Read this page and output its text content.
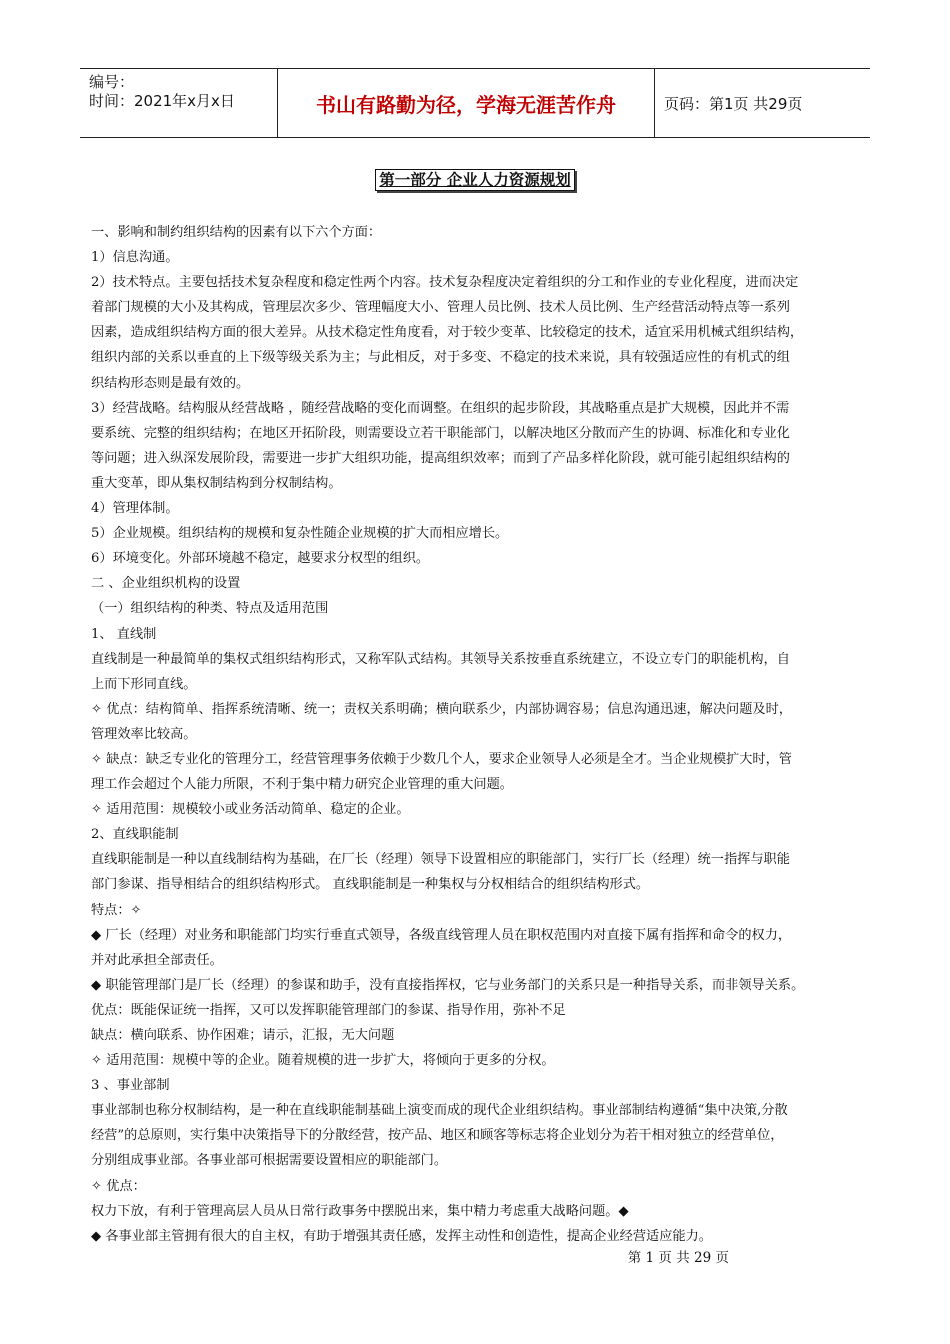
编号：
时间：2021年x月x日	书山有路勤为径，学海无涯苦作舟	页码：第1页 共29页
第一部分 企业人力资源规划

一、影响和制约组织结构的因素有以下六个方面：

1）信息沟通。

2）技术特点。主要包括技术复杂程度和稳定性两个内容。技术复杂程度决定着组织的分工和作业的专业化程度，进而决定

着部门规模的大小及其构成，管理层次多少、管理幅度大小、管理人员比例、技术人员比例、生产经营活动特点等一系列

因素，造成组织结构方面的很大差异。从技术稳定性角度看，对于较少变革、比较稳定的技术，适宜采用机械式组织结构，

组织内部的关系以垂直的上下级等级关系为主；与此相反，对于多变、不稳定的技术来说，具有较强适应性的有机式的组

织结构形态则是最有效的。

3）经营战略。结构服从经营战略 ，随经营战略的变化而调整。在组织的起步阶段，其战略重点是扩大规模，因此并不需

要系统、完整的组织结构；在地区开拓阶段，则需要设立若干职能部门，以解决地区分散而产生的协调、标准化和专业化

等问题；进入纵深发展阶段，需要进一步扩大组织功能，提高组织效率；而到了产品多样化阶段，就可能引起组织结构的

重大变革，即从集权制结构到分权制结构。

4）管理体制。

5）企业规模。组织结构的规模和复杂性随企业规模的扩大而相应增长。

6）环境变化。外部环境越不稳定，越要求分权型的组织。

二 、企业组织机构的设置

（一）组织结构的种类、特点及适用范围

1、 直线制

直线制是一种最简单的集权式组织结构形式，又称军队式结构。其领导关系按垂直系统建立，不设立专门的职能机构，自

上而下形同直线。

✧ 优点：结构简单、指挥系统清晰、统一；责权关系明确；横向联系少，内部协调容易；信息沟通迅速，解决问题及时，

管理效率比较高。

✧ 缺点：缺乏专业化的管理分工，经营管理事务依赖于少数几个人，要求企业领导人必须是全才。当企业规模扩大时，管

理工作会超过个人能力所限，不利于集中精力研究企业管理的重大问题。

✧ 适用范围：规模较小或业务活动简单、稳定的企业。

2、直线职能制

直线职能制是一种以直线制结构为基础，在厂长（经理）领导下设置相应的职能部门，实行厂长（经理）统一指挥与职能

部门参谋、指导相结合的组织结构形式。 直线职能制是一种集权与分权相结合的组织结构形式。

特点：✧

◆ 厂长（经理）对业务和职能部门均实行垂直式领导，各级直线管理人员在职权范围内对直接下属有指挥和命令的权力，

并对此承担全部责任。

◆ 职能管理部门是厂长（经理）的参谋和助手，没有直接指挥权，它与业务部门的关系只是一种指导关系，而非领导关系。

优点：既能保证统一指挥，又可以发挥职能管理部门的参谋、指导作用，弥补不足

缺点：横向联系、协作困难；请示，汇报，无大问题

✧ 适用范围：规模中等的企业。随着规模的进一步扩大，将倾向于更多的分权。

3 、事业部制

事业部制也称分权制结构，是一种在直线职能制基础上演变而成的现代企业组织结构。事业部制结构遵循“集中决策,分散

经营”的总原则，实行集中决策指导下的分散经营，按产品、地区和顾客等标志将企业划分为若干相对独立的经营单位，

分别组成事业部。各事业部可根据需要设置相应的职能部门。

✧ 优点：

权力下放，有利于管理高层人员从日常行政事务中摆脱出来，集中精力考虑重大战略问题。◆

◆ 各事业部主管拥有很大的自主权，有助于增强其责任感，发挥主动性和创造性，提高企业经营适应能力。

第 1 页 共 29 页
